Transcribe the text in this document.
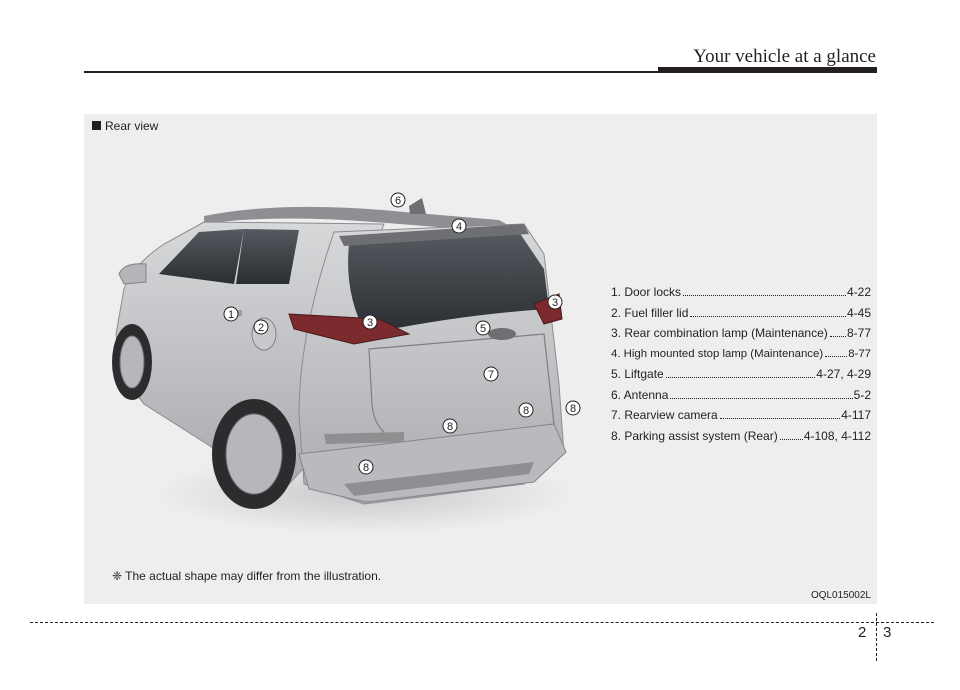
Your vehicle at a glance
Rear view
1
2	3
3
4
5
6
7
8
8	8
8
1. Door locks	4-22
2. Fuel filler lid	4-45
3. Rear combination lamp (Maintenance) 8-77
4. High mounted stop lamp (Maintenance) 8-77
5. Liftgate	4-27, 4-29
6. Antenna	5-2
7. Rearview camera	4-117
8. Parking assist system (Rear) 4-108, 4-112
❈ The actual shape may differ from the illustration.
OQL015002L
2 3
